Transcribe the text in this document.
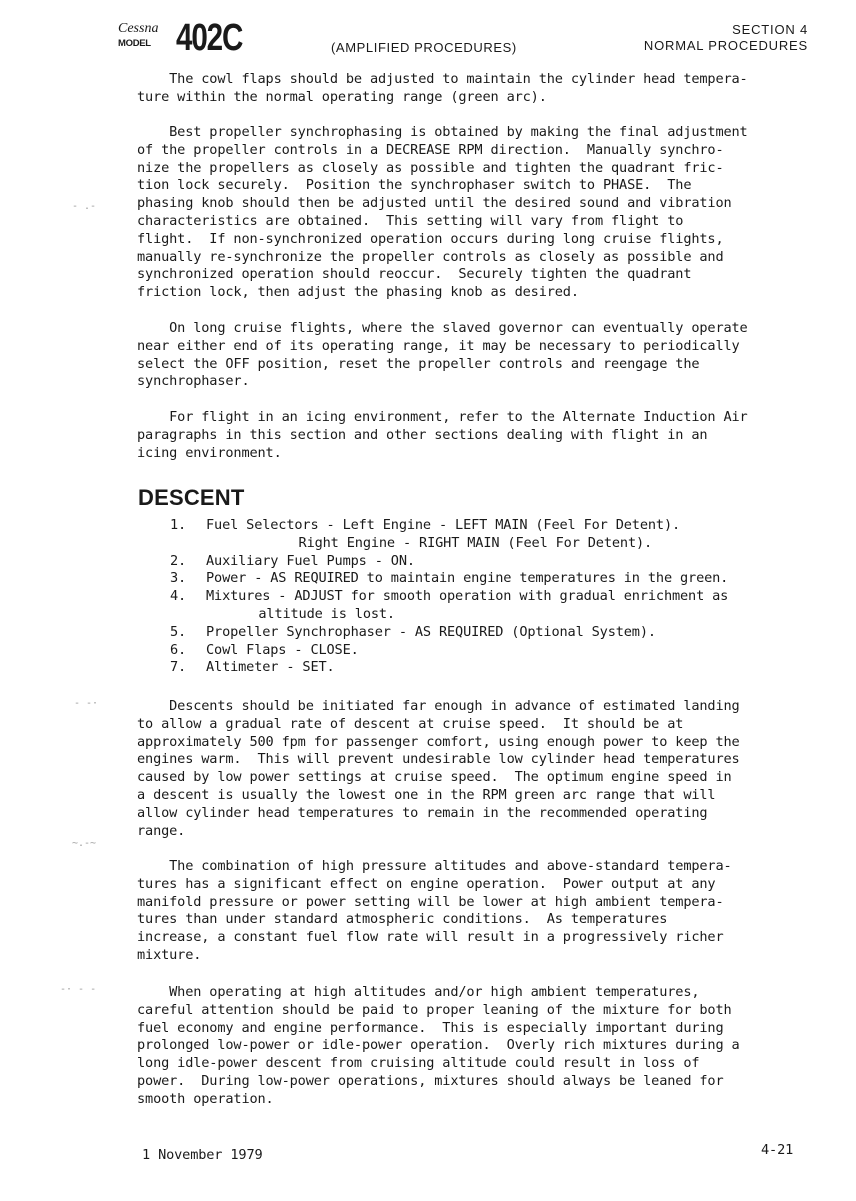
Cessna
MODEL 402C	(AMPLIFIED PROCEDURES)
SECTION 4
NORMAL PROCEDURES

The cowl flaps should be adjusted to maintain the cylinder head tempera-
ture within the normal operating range (green arc).

Best propeller synchrophasing is obtained by making the final adjustment
of the propeller controls in a DECREASE RPM direction.  Manually synchro-
nize the propellers as closely as possible and tighten the quadrant fric-
tion lock securely.  Position the synchrophaser switch to PHASE.  The
phasing knob should then be adjusted until the desired sound and vibration
characteristics are obtained.  This setting will vary from flight to
flight.  If non-synchronized operation occurs during long cruise flights,
manually re-synchronize the propeller controls as closely as possible and
synchronized operation should reoccur.  Securely tighten the quadrant
friction lock, then adjust the phasing knob as desired.

On long cruise flights, where the slaved governor can eventually operate
near either end of its operating range, it may be necessary to periodically
select the OFF position, reset the propeller controls and reengage the
synchrophaser.

For flight in an icing environment, refer to the Alternate Induction Air
paragraphs in this section and other sections dealing with flight in an
icing environment.

DESCENT
1. Fuel Selectors - Left Engine - LEFT MAIN (Feel For Detent).
Right Engine - RIGHT MAIN (Feel For Detent).
2. Auxiliary Fuel Pumps - ON.
3. Power - AS REQUIRED to maintain engine temperatures in the green.
4. Mixtures - ADJUST for smooth operation with gradual enrichment as
altitude is lost.
5. Propeller Synchrophaser - AS REQUIRED (Optional System).
6. Cowl Flaps - CLOSE.
7. Altimeter - SET.

Descents should be initiated far enough in advance of estimated landing
to allow a gradual rate of descent at cruise speed.  It should be at
approximately 500 fpm for passenger comfort, using enough power to keep the
engines warm.  This will prevent undesirable low cylinder head temperatures
caused by low power settings at cruise speed.  The optimum engine speed in
a descent is usually the lowest one in the RPM green arc range that will
allow cylinder head temperatures to remain in the recommended operating
range.

The combination of high pressure altitudes and above-standard tempera-
tures has a significant effect on engine operation.  Power output at any
manifold pressure or power setting will be lower at high ambient tempera-
tures than under standard atmospheric conditions.  As temperatures
increase, a constant fuel flow rate will result in a progressively richer
mixture.

When operating at high altitudes and/or high ambient temperatures,
careful attention should be paid to proper leaning of the mixture for both
fuel economy and engine performance.  This is especially important during
prolonged low-power or idle-power operation.  Overly rich mixtures during a
long idle-power descent from cruising altitude could result in loss of
power.  During low-power operations, mixtures should always be leaned for
smooth operation.

1 November 1979	4-21
- .-
- -·
~.-~
-· - -
